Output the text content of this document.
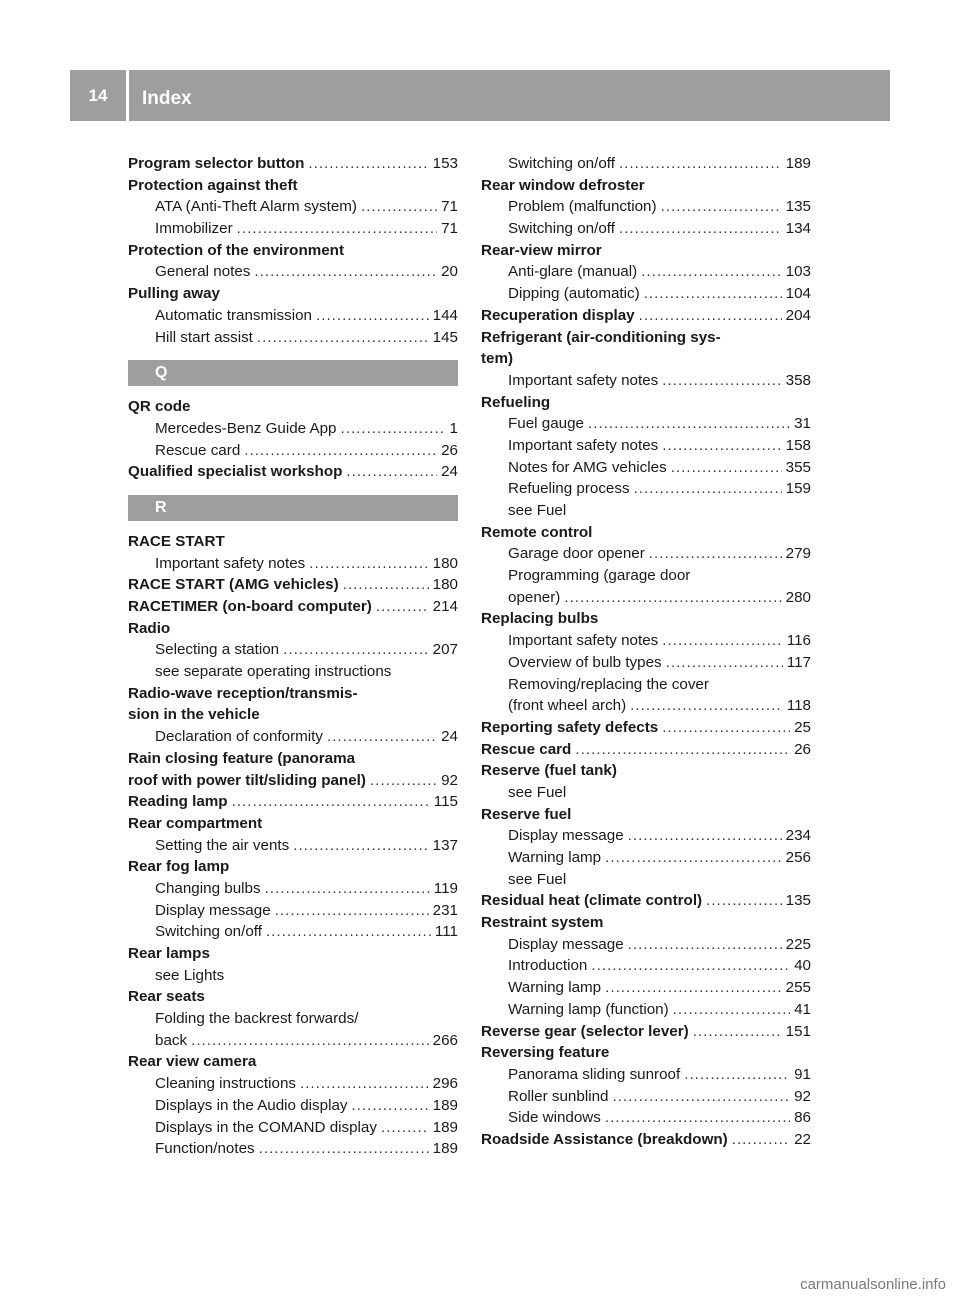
14 Index
Program selector button .....	153
Protection against theft
ATA (Anti-Theft Alarm system) .....	71
Immobilizer .....	71
Protection of the environment
General notes .....	20
Pulling away
Automatic transmission .....	144
Hill start assist .....	145
Q
QR code
Mercedes-Benz Guide App .....	1
Rescue card .....	26
Qualified specialist workshop .....	24
R
RACE START
Important safety notes .....	180
RACE START (AMG vehicles) .....	180
RACETIMER (on-board computer) .....	214
Radio
Selecting a station .....	207
see separate operating instructions
Radio-wave reception/transmis-
sion in the vehicle
Declaration of conformity .....	24
Rain closing feature (panorama
roof with power tilt/sliding panel) .....	92
Reading lamp .....	115
Rear compartment
Setting the air vents .....	137
Rear fog lamp
Changing bulbs .....	119
Display message .....	231
Switching on/off .....	111
Rear lamps
see Lights
Rear seats
Folding the backrest forwards/
back .....	266
Rear view camera
Cleaning instructions .....	296
Displays in the Audio display .....	189
Displays in the COMAND display .....	189
Function/notes .....	189
Switching on/off .....	189
Rear window defroster
Problem (malfunction) .....	135
Switching on/off .....	134
Rear-view mirror
Anti-glare (manual) .....	103
Dipping (automatic) .....	104
Recuperation display .....	204
Refrigerant (air-conditioning sys-
tem)
Important safety notes .....	358
Refueling
Fuel gauge .....	31
Important safety notes .....	158
Notes for AMG vehicles .....	355
Refueling process .....	159
see Fuel
Remote control
Garage door opener .....	279
Programming (garage door
opener) .....	280
Replacing bulbs
Important safety notes .....	116
Overview of bulb types .....	117
Removing/replacing the cover
(front wheel arch) .....	118
Reporting safety defects .....	25
Rescue card .....	26
Reserve (fuel tank)
see Fuel
Reserve fuel
Display message .....	234
Warning lamp .....	256
see Fuel
Residual heat (climate control) .....	135
Restraint system
Display message .....	225
Introduction .....	40
Warning lamp .....	255
Warning lamp (function) .....	41
Reverse gear (selector lever) .....	151
Reversing feature
Panorama sliding sunroof .....	91
Roller sunblind .....	92
Side windows .....	86
Roadside Assistance (breakdown) .....	22
carmanualsonline.info
